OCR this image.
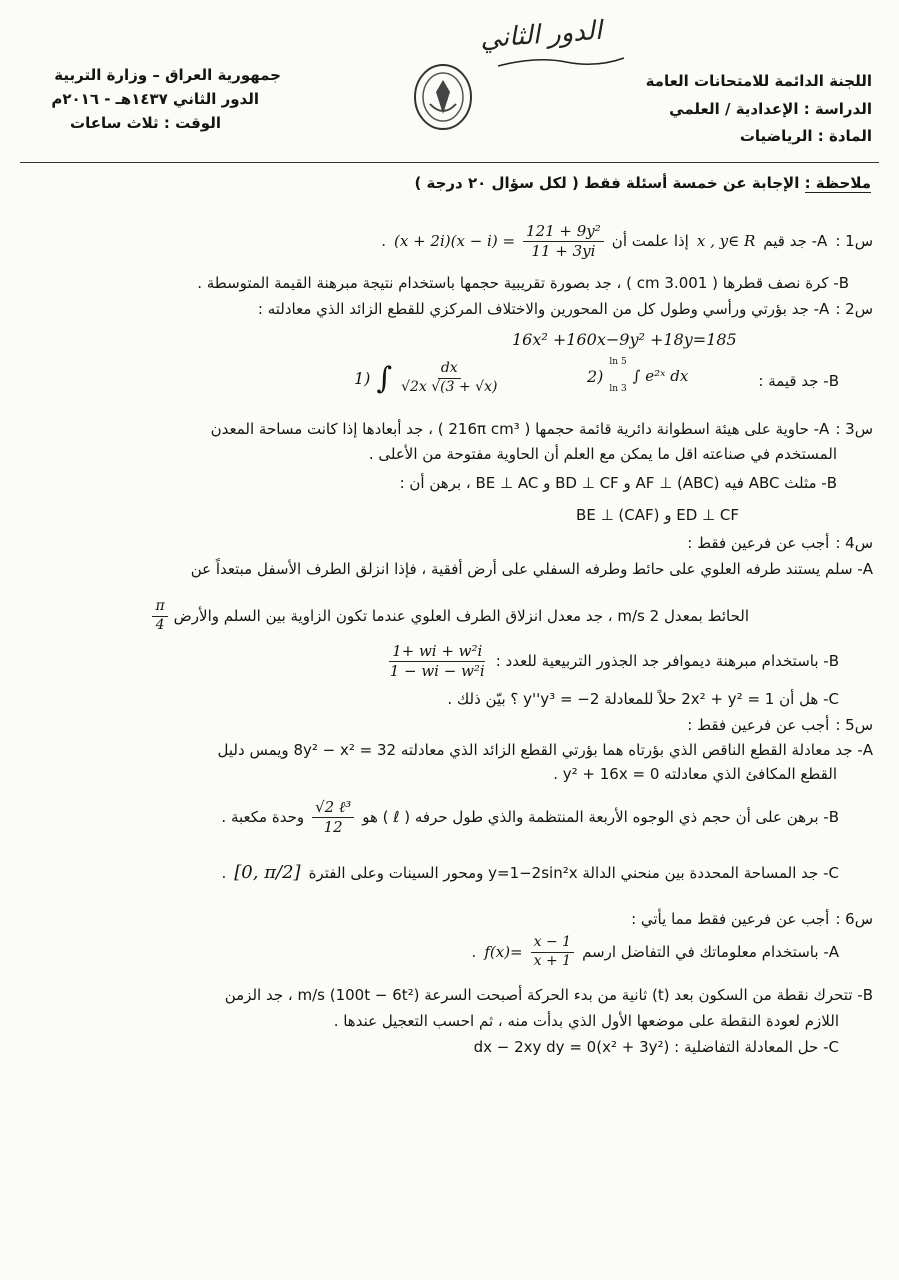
الدور الثاني
جمهورية العراق – وزارة التربية
الدور الثاني ١٤٣٧هـ - ٢٠١٦م
الوقت : ثلاث ساعات
اللجنة الدائمة للامتحانات العامة
الدراسة : الإعدادية / العلمي
المادة : الرياضيات
ملاحظة : الإجابة عن خمسة أسئلة فقط ( لكل سؤال ٢٠ درجة )
س1 :
A- جد قيم
x , y∈ R
إذا علمت أن
$\frac{\text{121 + 9y²}}{11 + 3yi}$
(x + 2i)(x − i) =
.
B- كرة نصف قطرها ( 3.001 cm ) ، جد بصورة تقريبية حجمها باستخدام نتيجة مبرهنة القيمة المتوسطة .
س2 :
A- جد بؤرتي ورأسي وطول كل من المحورين والاختلاف المركزي للقطع الزائد الذي معادلته :
16x² +160x−9y² +18y=185
B- جد قيمة :
1) ∫ $\frac{dx}{√2x √(3 + √x)}$	2)
ln 5
ln 3
∫ e²ˣ dx
س3 :
A- حاوية على هيئة اسطوانة دائرية قائمة حجمها ( 216π cm³ ) ، جد أبعادها إذا كانت مساحة المعدن
المستخدم في صناعته اقل ما يمكن مع العلم أن الحاوية مفتوحة من الأعلى .
B- مثلث ABC فيه AF ⊥ (ABC) و BD ⊥ CF و BE ⊥ AC ، برهن أن :
ED ⊥ CF و BE ⊥ (CAF)
س4 :
أجب عن فرعين فقط :
A- سلم يستند طرفه العلوي على حائط وطرفه السفلي على أرض أفقية ، فإذا انزلق الطرف الأسفل مبتعداً عن
الحائط بمعدل 2 m/s ، جد معدل انزلاق الطرف العلوي عندما تكون الزاوية بين السلم والأرض
$\frac{\pi}{4}$
B- باستخدام مبرهنة ديموافر جد الجذور التربيعية للعدد :
$\frac{\text{1+ wi + w²i}}{\text{1 − wi − w²i}}$
C- هل أن 1 = 2x² + y² حلاً للمعادلة 2− = y''y³ ؟ بيّن ذلك .
س5 :
أجب عن فرعين فقط :
A- جد معادلة القطع الناقص الذي بؤرتاه هما بؤرتي القطع الزائد الذي معادلته 32 = 8y² − x² ويمس دليل
القطع المكافئ الذي معادلته y² + 16x = 0 .
B- برهن على أن حجم ذي الوجوه الأربعة المنتظمة والذي طول حرفه ( ℓ ) هو
$\frac{\text{√2 ℓ³}}{12}$
وحدة مكعبة .
C- جد المساحة المحددة بين منحني الدالة y=1−2sin²x ومحور السينات وعلى الفترة
[0, π/2]
.
س6 :
أجب عن فرعين فقط مما يأتي :
A- باستخدام معلوماتك في التفاضل ارسم
$\frac{x - 1}{x + 1}$
f(x)=
.
B- تتحرك نقطة من السكون بعد (t) ثانية من بدء الحركة أصبحت السرعة (100t − 6t²) m/s ، جد الزمن
اللازم لعودة النقطة على موضعها الأول الذي بدأت منه ، ثم احسب التعجيل عندها .
C- حل المعادلة التفاضلية : (x² + 3y²)dx − 2xy dy = 0
